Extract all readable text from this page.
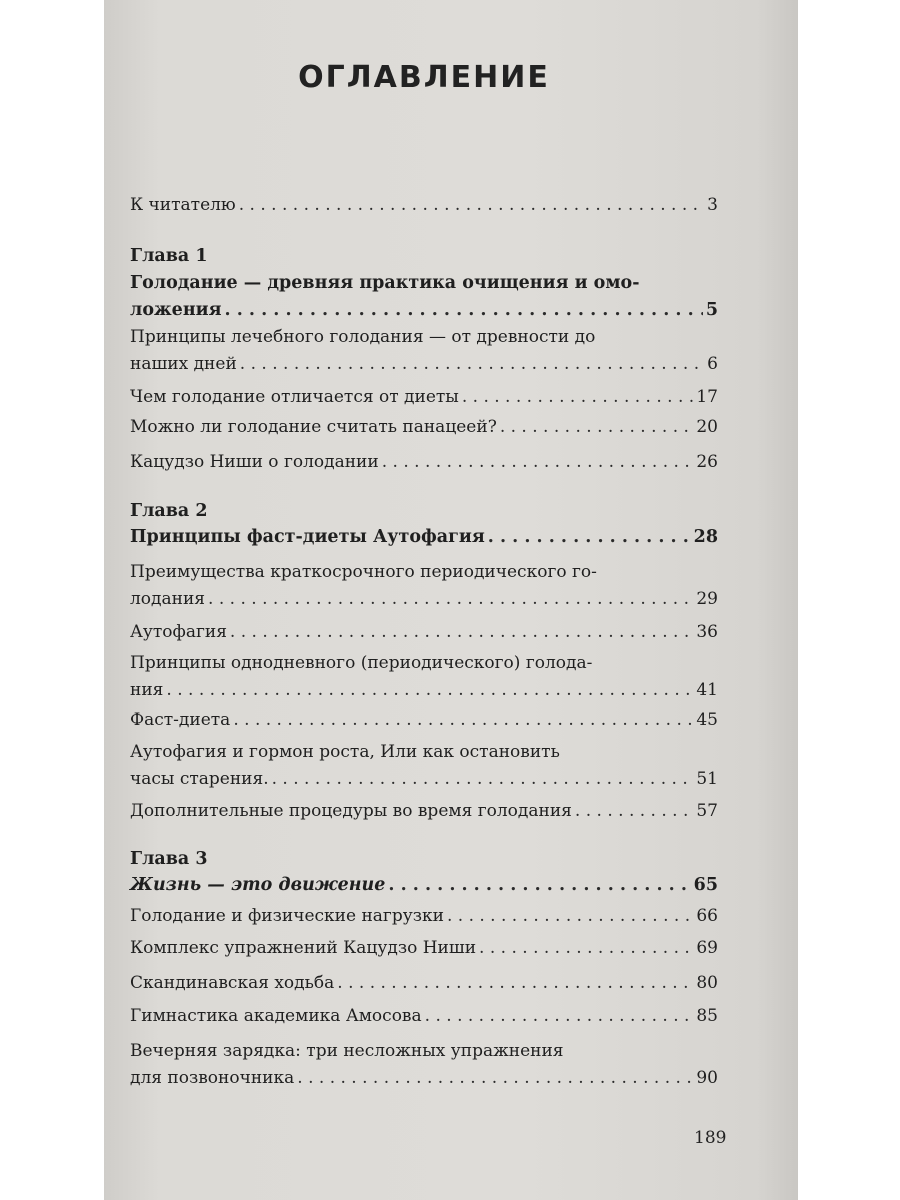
ОГЛАВЛЕНИЕ
К читателю . . .	3
Глава 1
Голодание — древняя практика очищения и омо-
ложения . . .	5
Принципы лечебного голодания — от древности до
наших дней . . .	6
Чем голодание отличается от диеты . . .	17
Можно ли голодание считать панацеей? . . .	20
Кацудзо Ниши о голодании . . .	26
Глава 2
Принципы фаст-диеты Аутофагия . . .	28
Преимущества краткосрочного периодического го-
лодания . . .	29
Аутофагия . . .	36
Принципы однодневного (периодического) голода-
ния . . .	41
Фаст-диета . . .	45
Аутофагия и гормон роста, Или как остановить
часы старения. . . .	51
Дополнительные процедуры во время голодания . . .	57
Глава 3
Жизнь — это движение . . .	65
Голодание и физические нагрузки . . .	66
Комплекс упражнений Кацудзо Ниши . . .	69
Скандинавская ходьба . . .	80
Гимнастика академика Амосова . . .	85
Вечерняя зарядка: три несложных упражнения
для позвоночника . . .	90
189
